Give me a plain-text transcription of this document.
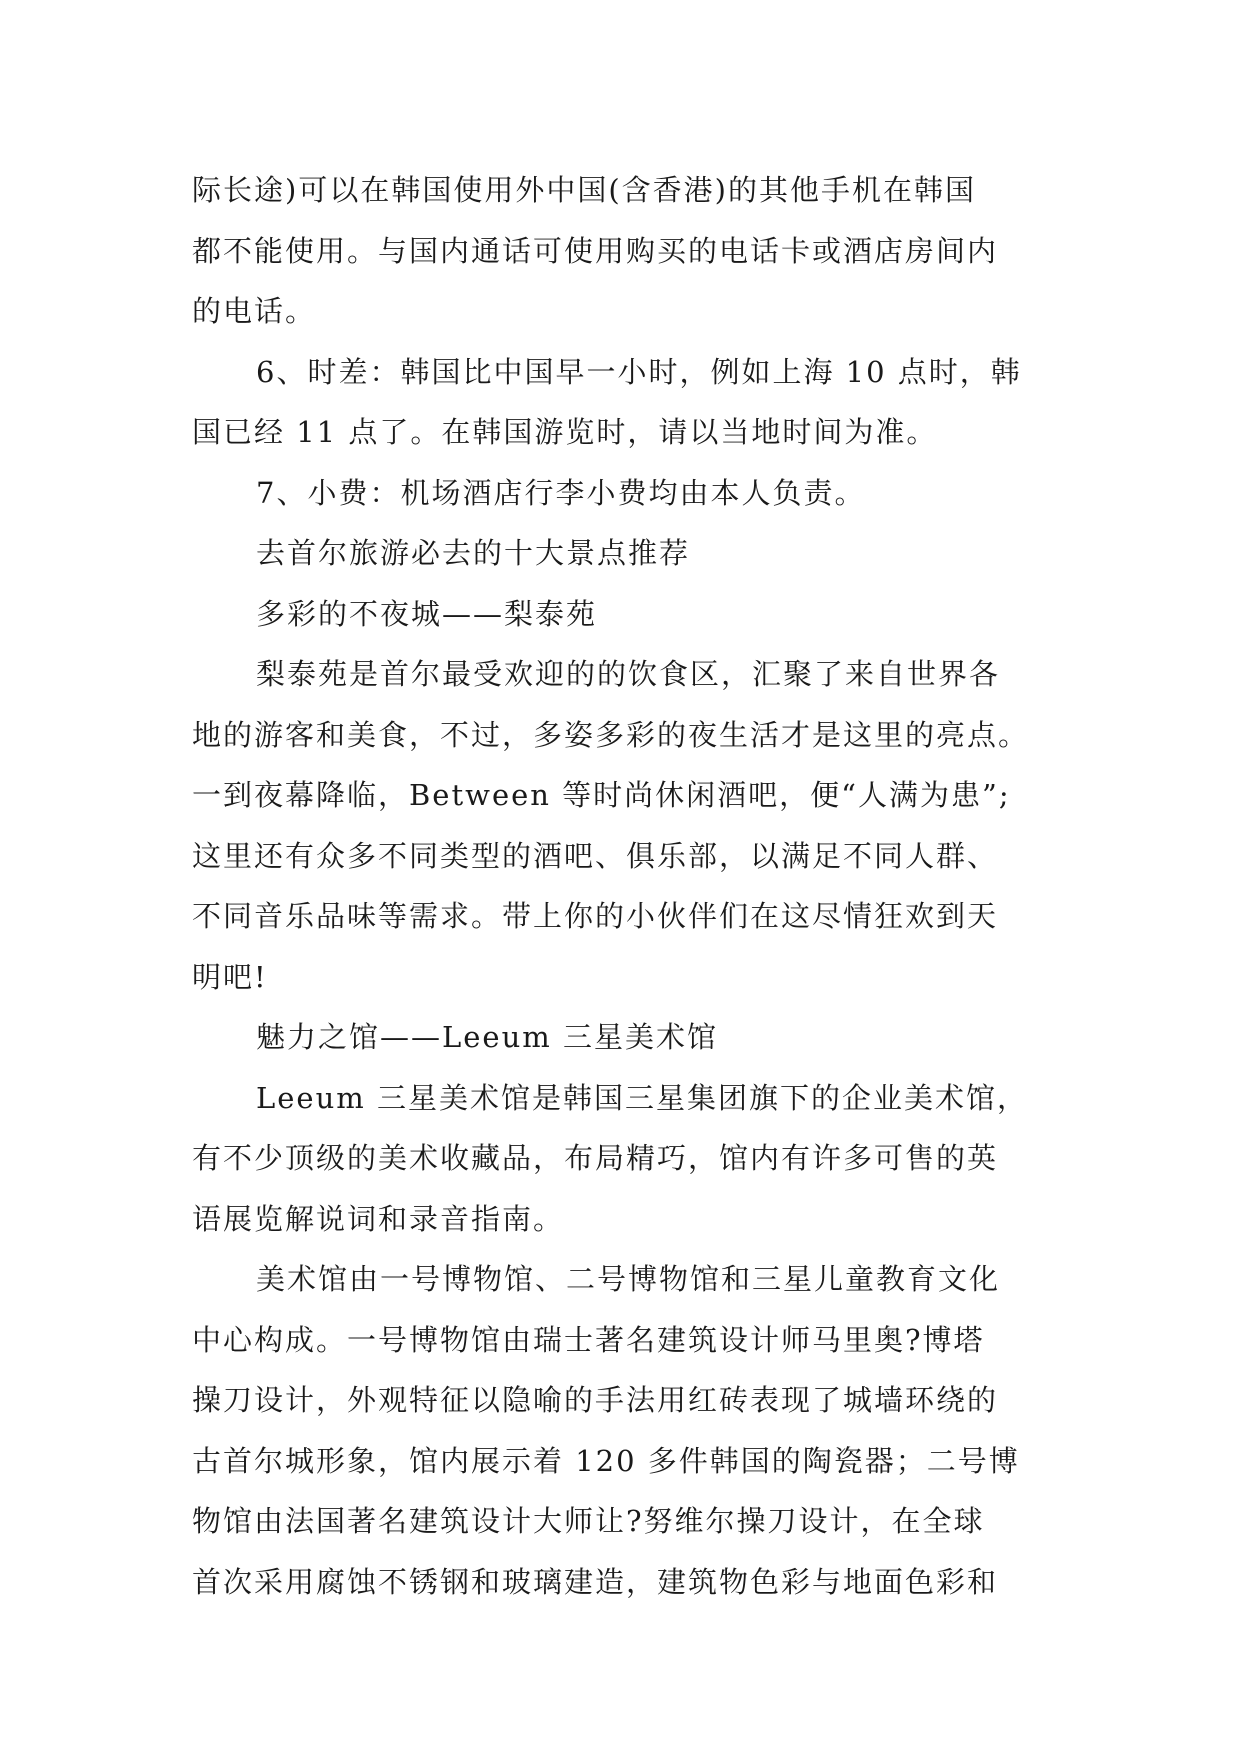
际长途)可以在韩国使用外中国(含香港)的其他手机在韩国
都不能使用。与国内通话可使用购买的电话卡或酒店房间内
的电话。
6、时差：韩国比中国早一小时，例如上海 10 点时，韩
国已经 11 点了。在韩国游览时，请以当地时间为准。
7、小费：机场酒店行李小费均由本人负责。
去首尔旅游必去的十大景点推荐
多彩的不夜城——梨泰苑
梨泰苑是首尔最受欢迎的的饮食区，汇聚了来自世界各
地的游客和美食，不过，多姿多彩的夜生活才是这里的亮点。
一到夜幕降临，Between 等时尚休闲酒吧，便“人满为患”;
这里还有众多不同类型的酒吧、俱乐部，以满足不同人群、
不同音乐品味等需求。带上你的小伙伴们在这尽情狂欢到天
明吧!
魅力之馆——Leeum 三星美术馆
Leeum 三星美术馆是韩国三星集团旗下的企业美术馆，
有不少顶级的美术收藏品，布局精巧，馆内有许多可售的英
语展览解说词和录音指南。
美术馆由一号博物馆、二号博物馆和三星儿童教育文化
中心构成。一号博物馆由瑞士著名建筑设计师马里奥?博塔
操刀设计，外观特征以隐喻的手法用红砖表现了城墙环绕的
古首尔城形象，馆内展示着 120 多件韩国的陶瓷器；二号博
物馆由法国著名建筑设计大师让?努维尔操刀设计，在全球
首次采用腐蚀不锈钢和玻璃建造，建筑物色彩与地面色彩和
